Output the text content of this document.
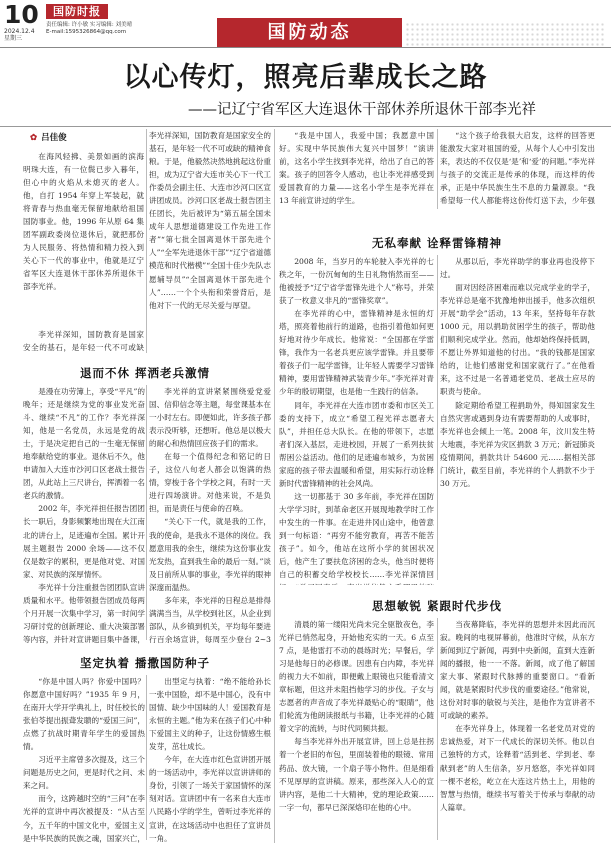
10
2024.12.4
星期三
国防时报
责任编辑: 许小敏 实习编辑: 刘美晴
E-mail:1595326864@qq.com	国防动态
以心传灯，照亮后辈成长之路
——记辽宁省军区大连退休干部休养所退休干部李光祥
✿ 吕佳俊

在海风轻拂、美景如画的滨海明珠大连，有一位鬓已步入暮年，但心中的火焰从未熄灭的老人。他，自打 1954 年穿上军装起，就将青春与热血毫无保留地献给祖国国防事业。他，1996 年从原 64 集团军副政委岗位退休后，就把那份为人民服务、将热情和精力投入到关心下一代的事业中，他就是辽宁省军区大连退休干部休养所退休干部李光祥。

李光祥深知，国防教育是国家安全的基石，是年轻一代不可或缺

李光祥深知，国防教育是国家安全的基石，是年轻一代不可或缺的精神食粮。于是，他毅然决然地挑起这份重担，成为辽宁省大连市关心下一代工作委员会副主任、大连市沙河口区宣讲团成员。沙河口区老战士报告团主任团长，先后被评为“第五届全国未成年人思想道德建设工作先进工作者”“第七批全国离退休干部先进个人”“全军先进退休干部”“辽宁省道德模范和时代楷模”“全国十佳少先队志愿辅导员”“全国离退休干部先进个人”……一个个头衔和荣誉背后，是他对下一代的无尽关爱与厚望。

退而不休 挥洒老兵激情

是漫在功劳簿上，享受“平凡”的晚年；还是继续为党的事业发光奋斗、继续“不凡”的工作？李光祥深知，他是一名党员，永远是党的战士，于是决定把自己的一生毫无保留地奉献给党的事业。退休后不久，他申请加入大连市沙河口区老战士报告团，从此站上三尺讲台，挥洒着一名老兵的激情。

2002 年，李光祥担任报告团团长一职后，身影频繁地出现在大江南北的讲台上，足迹遍布全国。累计开展主题报告 2000 余场——这不仅仅是数字的累积，更是他对党、对国家、对民族的深厚情怀。

李光祥十分注重报告团团队宣讲质量和水平。他带领报告团成员每两个月开展一次集中学习，第一时间学习研讨党的创新理论、重大决策部署等内容，并针对宣讲题目集中备课，

李光祥的宣讲紧紧围绕爱党爱国、信仰信念等主题，每堂课基本在一小时左右。即便如此，许多孩子都表示没听够，还想听。他总是以极大的耐心和热情回应孩子们的需求。

在每一个值得纪念和铭记的日子，这位八旬老人都会以饱满的热情，穿梭于各个学校之间，有时一天进行四场演讲。对他来说，不是负担，而是责任与使命的召唤。

“关心下一代，就是我的工作，我的使命，是我永不退休的岗位。我愿意用我的余生，继续为这份事业发光发热，直到我生命的最后一刻。”谈及日前所从事的事业，李光祥的眼神深邃而温热。

多年来，李光祥的日程总是排得满满当当，从学校到社区，从企业到部队，从乡镇到机关，平均每年要进行百余场宣讲，每周至少登台 2~3

坚定执着 播撒国防种子

“你是中国人吗？你爱中国吗？你愿意中国好吗？”1935 年 9 月，在南开大学开学典礼上，时任校长的张伯苓提出振聋发聩的“爱国三问”，点燃了抗战时期青年学生的爱国热情。

习近平主席曾多次提及，这三个问题是历史之问，更是时代之问、未来之问。

而今，这跨越时空的“三问”在李光祥的宣讲中再次被提及：“从古至今，五千年的中国文化中，爱国主义是中华民族的民族之魂，国家兴亡，

出型定与执着：“绝不能给孙长一张中国脸，却不是中国心，没有中国情、缺少中国味的人！爱国教育是永恒的主题。”他为来在孩子们心中种下爱国主义的种子，让这份情感生根发芽，茁壮成长。

今年，在大连市红色宣讲团开展的一场活动中，李光祥以宣讲讲师的身份，引领了一场关于家国情怀的深刻对话。宣讲团中有一名来自大连市八民路小学的学生，曾听过李光祥的宣讲，在这场活动中也担任了宣讲员一角。

“我是中国人，我爱中国；我愿意中国好。实现中华民族伟大复兴中国梦！”演讲前，这名小学生找到李光祥，给出了自己的答案。孩子的回答令人感动，也让李光祥感受到爱国教育的力量——这名小学生是李光祥在 13 年前宣讲过的学生。

“这个孩子给我很大启发，这样的回答更能激发大家对祖国的爱，从每个人心中引发出来，表达的不仅仅是‘是’和‘爱’的问题。”李光祥与孩子的交流正是传承的体现，而这样的传承，正是中华民族生生不息的力量源泉。“我希望每一代人都能将这份传灯送下去，少年强

无私奉献 诠释雷锋精神

2008 年，当岁月的车轮驶入李光祥的七秩之年，一份沉甸甸的生日礼物悄然而至——他被授予“辽宁省学雷锋先进个人”称号，并荣获了一枚意义非凡的“雷锋奖章”。

在李光祥的心中，雷锋精神是永恒的灯塔，照亮着他前行的道路，也指引着他如何更好地对待少年成长。他常说：“全国都在学雷锋，我作为一名老兵更应该学雷锋。并且要带着孩子们一起学雷锋，让年轻人需要学习雷锋精神，要用雷锋精神武装青少年。”李光祥对青少年的殷切期望，也是他一生践行的信条。

同年，李光祥在大连市团市委和市区关工委的支持下，成立“希望工程光祥志愿者大队”，并担任总大队长。在他的带领下，志愿者们深入基层，走进校园，开展了一系列扶贫帮困公益活动。他们的足迹遍布城乡，为贫困家庭的孩子带去温暖和希望，用实际行动诠释新时代雷锋精神的社会风尚。

这一切都基于 30 多年前，李光祥在国防大学学习时，到革命老区开展现地教学时工作中发生的一件事。在走进井冈山途中，他曾意到一句标语：“再穷不能穷教育，再苦不能苦孩子”。如今，他站在这所小学的贫困状况后，他产生了要扶危济困的念头，他当时便将自己的积蓄交给学校校长……李光祥深情回

从那以后，李光祥助学的事业再也没停下过。

面对因经济困难而难以完成学业的学子，李光祥总是毫不犹豫地伸出援手，他多次组织开展“助学会”活动，13 年来，坚持每年存款 1000 元，用以捐助贫困学生的孩子，帮助他们顺利完成学业。然而，他却始终保持低调，不愿让外界知道他的付出。“我的钱都是国家给的，让他们感谢党和国家就行了。”在他看来，这不过是一名普通老党员、老战士应尽的职责与使命。

除定期给希望工程捐助外，得知国家发生自然灾害或遇到身边有需要帮助的人或事时，李光祥也会倾上一笔。2008 年，汶川发生特大地震，李光祥为灾区捐款 3 万元；新冠肺炎疫情期间，捐款共计 54600 元……据相关部门统计，截至目前，李光祥的个人捐款不少于 30 万元。

思想敏锐 紧跟时代步伐

清晨的第一缕阳光尚未完全驱散夜色，李光祥已悄然起身，开始他充实的一天。6 点至 7 点，是他雷打不动的晨练时光；早餐后，学习是他每日的必修课。因患有白内障，李光祥的视力大不如前，即便戴上眼镜也只能看清文章标题，但这并未阻挡他学习的步伐。子女与志愿者的声音成了李光祥最贴心的“眼睛”，他们轮流为他朗读报纸与书籍，让李光祥的心随着文字的流转，与时代同频共振。

每当李光祥外出开展宣讲，回上总是拄拐着一个老旧的布包，里面装着他的眼镜、常用药品、放大镜，一个扇子等小物件。但是细看不见厚厚的宣讲稿。原来，那些深入人心的宣讲内容，是他二十大精神，党的理论政策……一字一句，都早已深深烙印在他的心中。

当夜幕降临，李光祥的思想并未因此而沉寂。晚间的电视屏幕前，他准时守候，从东方新闻到辽宁新闻，再到中央新闻，直到大连新闻的播报，他一一不落。新闻，成了他了解国家大事、紧跟时代脉搏的重要窗口。“看新闻，就是紧跟时代步伐的重要途径。”他常说，这份对时事的敏锐与关注，是他作为宣讲者不可或缺的素养。

在李光祥身上，体现着一名老党员对党的忠诚热爱，对下一代成长的深切关怀。他以自己独特的方式，诠释着“活到老、学到老、奉献到老”的人生信条，岁月悠悠，李光祥如同一棵不老松，屹立在大连这片热土上，用他的智慧与热情，继续书写着关于传承与奉献的动人篇章。
